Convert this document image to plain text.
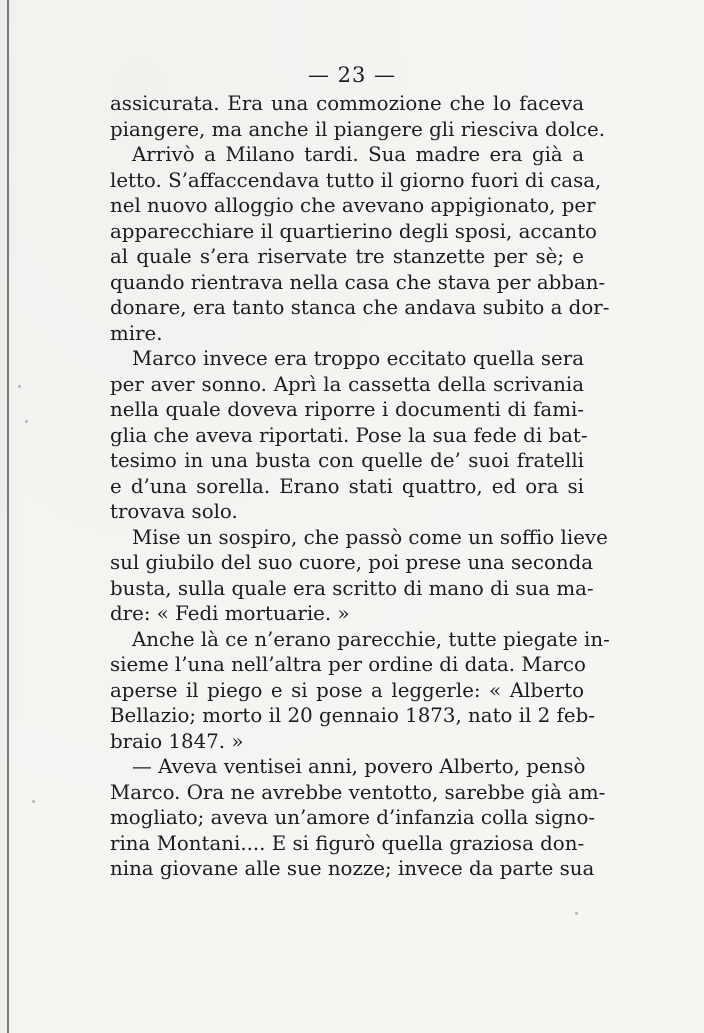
— 23 —
assicurata. Era una commozione che lo faceva
piangere, ma anche il piangere gli riesciva dolce.
Arrivò a Milano tardi. Sua madre era già a
letto. S’affaccendava tutto il giorno fuori di casa,
nel nuovo alloggio che avevano appigionato, per
apparecchiare il quartierino degli sposi, accanto
al quale s’era riservate tre stanzette per sè; e
quando rientrava nella casa che stava per abban-
donare, era tanto stanca che andava subito a dor-
mire.
Marco invece era troppo eccitato quella sera
per aver sonno. Aprì la cassetta della scrivania
nella quale doveva riporre i documenti di fami-
glia che aveva riportati. Pose la sua fede di bat-
tesimo in una busta con quelle de’ suoi fratelli
e d’una sorella. Erano stati quattro, ed ora si
trovava solo.
Mise un sospiro, che passò come un soffio lieve
sul giubilo del suo cuore, poi prese una seconda
busta, sulla quale era scritto di mano di sua ma-
dre: « Fedi mortuarie. »
Anche là ce n’erano parecchie, tutte piegate in-
sieme l’una nell’altra per ordine di data. Marco
aperse il piego e si pose a leggerle: « Alberto
Bellazio; morto il 20 gennaio 1873, nato il 2 feb-
braio 1847. »
— Aveva ventisei anni, povero Alberto, pensò
Marco. Ora ne avrebbe ventotto, sarebbe già am-
mogliato; aveva un’amore d’infanzia colla signo-
rina Montani.... E si figurò quella graziosa don-
nina giovane alle sue nozze; invece da parte sua
